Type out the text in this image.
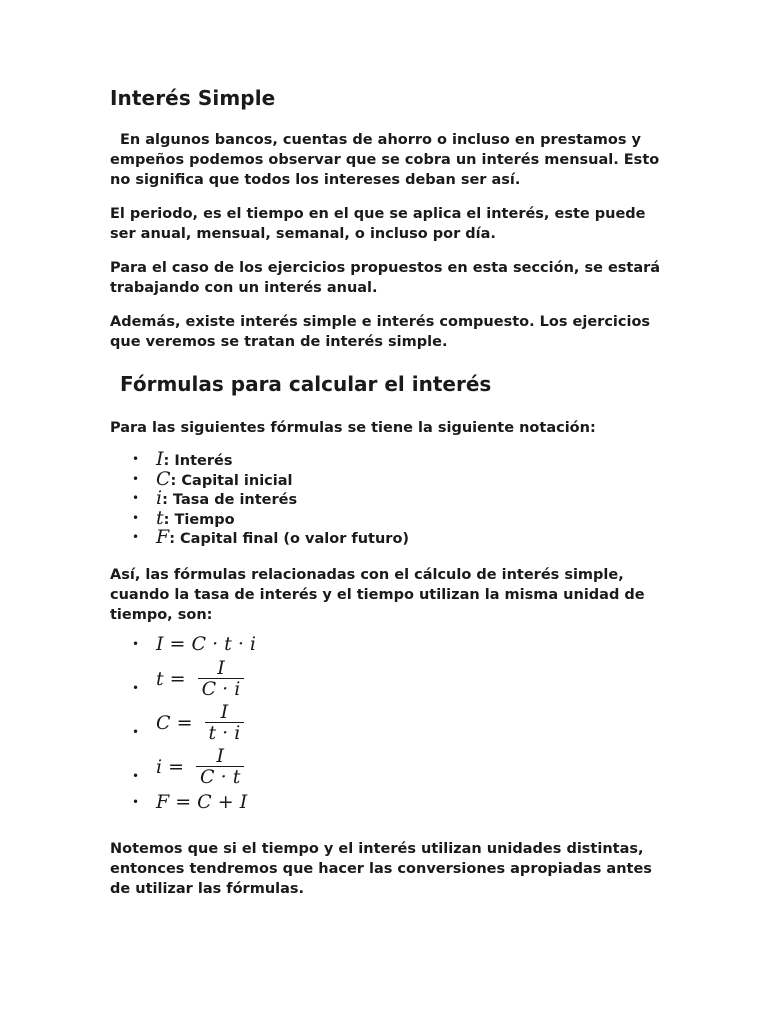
Interés Simple

En algunos bancos, cuentas de ahorro o incluso en prestamos y empeños podemos observar que se cobra un interés mensual. Esto no significa que todos los intereses deban ser así.

El periodo, es el tiempo en el que se aplica el interés, este puede ser anual, mensual, semanal, o incluso por día.

Para el caso de los ejercicios propuestos en esta sección, se estará trabajando con un interés anual.

Además, existe interés simple e interés compuesto. Los ejercicios que veremos se tratan de interés simple.

Fórmulas para calcular el interés

Para las siguientes fórmulas se tiene la siguiente notación:

• I: Interés
• C: Capital inicial
• i: Tasa de interés
• t: Tiempo
• F: Capital final (o valor futuro)

Así, las fórmulas relacionadas con el cálculo de interés simple, cuando la tasa de interés y el tiempo utilizan la misma unidad de tiempo, son:

• I = C · t · i
• $t = \frac{I}{C \cdot i}$
• $C = \frac{I}{t \cdot i}$
• $i = \frac{I}{C \cdot t}$
• F = C + I

Notemos que si el tiempo y el interés utilizan unidades distintas, entonces tendremos que hacer las conversiones apropiadas antes de utilizar las fórmulas.
